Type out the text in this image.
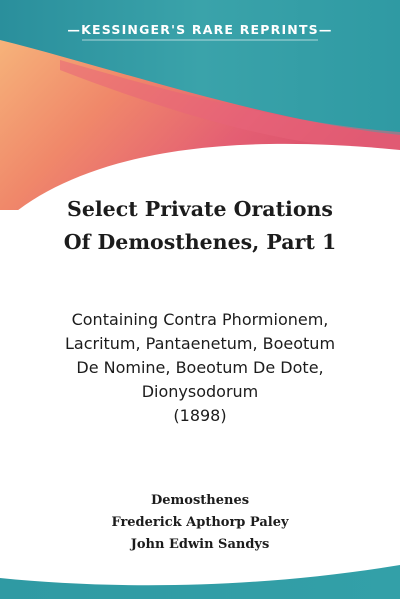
—KESSINGER'S RARE REPRINTS—
Select Private Orations
Of Demosthenes, Part 1
Containing Contra Phormionem,
Lacritum, Pantaenetum, Boeotum
De Nomine, Boeotum De Dote,
Dionysodorum
(1898)
Demosthenes
Frederick Apthorp Paley
John Edwin Sandys
